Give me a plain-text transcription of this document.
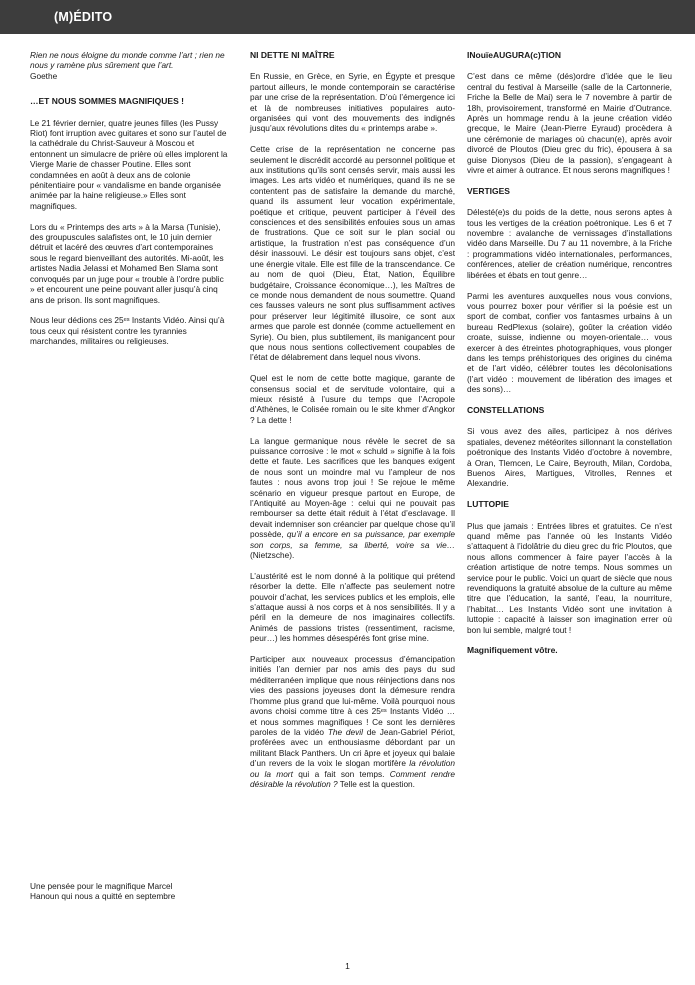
(M)ÉDITO

Rien ne nous éloigne du monde comme l’art ; rien ne nous y ramène plus sûrement que l’art.

Goethe

…ET NOUS SOMMES MAGNIFIQUES !

Le 21 février dernier, quatre jeunes filles (les Pussy Riot) font irruption avec guitares et sono sur l’autel de la cathédrale du Christ-Sauveur à Moscou et entonnent un simulacre de prière où elles implorent la Vierge Marie de chasser Poutine. Elles sont condamnées en août à deux ans de colonie pénitentiaire pour « vandalisme en bande organisée animée par la haine religieuse.» Elles sont magnifiques.

Lors du « Printemps des arts » à la Marsa (Tunisie), des groupuscules salafistes ont, le 10 juin dernier détruit et lacéré des œuvres d’art contemporaines sous le regard bienveillant des autorités. Mi-août, les artistes Nadia Jelassi et Mohamed Ben Slama sont convoqués par un juge pour « trouble à l’ordre public » et encourent une peine pouvant aller jusqu’à cinq ans de prison. Ils sont magnifiques.

Nous leur dédions ces 25ᵉˢ Instants Vidéo. Ainsi qu’à tous ceux qui résistent contre les tyrannies marchandes, militaires ou religieuses.

Une pensée pour le magnifique Marcel Hanoun qui nous a quitté en septembre

NI DETTE NI MAÎTRE

En Russie, en Grèce, en Syrie, en Égypte et presque partout ailleurs, le monde contemporain se caractérise par une crise de la représentation. D’où l’émergence ici et là de nombreuses initiatives populaires auto-organisées qui vont des mouvements des indignés jusqu’aux révolutions dites du « printemps arabe ».

Cette crise de la représentation ne concerne pas seulement le discrédit accordé au personnel politique et aux institutions qu’ils sont censés servir, mais aussi les images. Les arts vidéo et numériques, quand ils ne se contentent pas de satisfaire la demande du marché, quand ils assument leur vocation expérimentale, poétique et critique, peuvent participer à l’éveil des consciences et des sensibilités enfouies sous un amas de frustrations. Que ce soit sur le plan social ou artistique, la frustration n’est pas conséquence d’un désir inassouvi. Le désir est toujours sans objet, c’est une énergie vitale. Elle est fille de la transcendance. Ce au nom de quoi (Dieu, État, Nation, Équilibre budgétaire, Croissance économique…), les Maîtres de ce monde nous demandent de nous soumettre. Quand ces fausses valeurs ne sont plus suffisamment actives pour préserver leur légitimité illusoire, ce sont aux armes que parole est donnée (comme actuellement en Syrie). Ou bien, plus subtilement, ils manigancent pour que nous nous sentions collectivement coupables de l’état de délabrement dans lequel nous vivons.

Quel est le nom de cette botte magique, garante de consensus social et de servitude volontaire, qui a mieux résisté à l’usure du temps que l’Acropole d’Athènes, le Colisée romain ou le site khmer d’Angkor ? La dette !

La langue germanique nous révèle le secret de sa puissance corrosive : le mot « schuld » signifie à la fois dette et faute. Les sacrifices que les banques exigent de nous sont un moindre mal vu l’ampleur de nos fautes : nous avons trop joui ! Se rejoue le même scénario en vigueur presque partout en Europe, de l’Antiquité au Moyen-âge : celui qui ne pouvait pas rembourser sa dette était réduit à l’état d’esclavage. Il devait indemniser son créancier par quelque chose qu’il possède, qu’il a encore en sa puissance, par exemple son corps, sa femme, sa liberté, voire sa vie… (Nietzsche).

L’austérité est le nom donné à la politique qui prétend résorber la dette. Elle n’affecte pas seulement notre pouvoir d’achat, les services publics et les emplois, elle s’attaque aussi à nos corps et à nos sensibilités. Il y a péril en la demeure de nos imaginaires collectifs. Animés de passions tristes (ressentiment, racisme, peur…) les hommes désespérés font grise mine.

Participer aux nouveaux processus d’émancipation initiés l’an dernier par nos amis des pays du sud méditerranéen implique que nous réinjections dans nos vies des passions joyeuses dont la démesure rendra l’homme plus grand que lui-même. Voilà pourquoi nous avons choisi comme titre à ces 25ᵉˢ Instants Vidéo … et nous sommes magnifiques ! Ce sont les dernières paroles de la vidéo The devil de Jean-Gabriel Périot, proférées avec un enthousiasme débordant par un militant Black Panthers. Un cri âpre et joyeux qui balaie d’un revers de la voix le slogan mortifère la révolution ou la mort qui a fait son temps. Comment rendre désirable la révolution ? Telle est la question.

INouïeAUGURA(c)TION

C’est dans ce même (dés)ordre d’idée que le lieu central du festival à Marseille (salle de la Cartonnerie, Friche la Belle de Mai) sera le 7 novembre à partir de 18h, provisoirement, transformé en Mairie d’Outrance. Après un hommage rendu à la jeune création vidéo grecque, le Maire (Jean-Pierre Eyraud) procèdera à une cérémonie de mariages où chacun(e), après avoir divorcé de Ploutos (Dieu grec du fric), épousera à sa guise Dionysos (Dieu de la passion), s’engageant à vivre et aimer à outrance. Et nous serons magnifiques !

VERTIGES

Délesté(e)s du poids de la dette, nous serons aptes à tous les vertiges de la création poétronique. Les 6 et 7 novembre : avalanche de vernissages d’installations vidéo dans Marseille. Du 7 au 11 novembre, à la Friche : programmations vidéo internationales, performances, conférences, atelier de création numérique, rencontres libérées et ébats en tout genre…

Parmi les aventures auxquelles nous vous convions, vous pourrez boxer pour vérifier si la poésie est un sport de combat, confier vos fantasmes urbains à un bureau RedPlexus (solaire), goûter la création vidéo croate, suisse, indienne ou moyen-orientale… vous exercer à des étreintes photographiques, vous plonger dans les temps préhistoriques des origines du cinéma et de l’art vidéo, célébrer toutes les décolonisations (l’art vidéo : mouvement de libération des images et des sons)…

CONSTELLATIONS

Si vous avez des ailes, participez à nos dérives spatiales, devenez météorites sillonnant la constellation poétronique des Instants Vidéo d’octobre à novembre, à Oran, Tlemcen, Le Caire, Beyrouth, Milan, Cordoba, Buenos Aires, Martigues, Vitrolles, Rennes et Alexandrie.

LUTTOPIE

Plus que jamais : Entrées libres et gratuites. Ce n’est quand même pas l’année où les Instants Vidéo s’attaquent à l’idolâtrie du dieu grec du fric Ploutos, que nous allons commencer à faire payer l’accès à la création artistique de notre temps. Nous sommes un service pour le public. Voici un quart de siècle que nous revendiquons la gratuité absolue de la culture au même titre que l’éducation, la santé, l’eau, la nourriture, l’habitat… Les Instants Vidéo sont une invitation à luttopie : capacité à laisser son imagination errer où bon lui semble, malgré tout !

Magnifiquement vôtre.

1
